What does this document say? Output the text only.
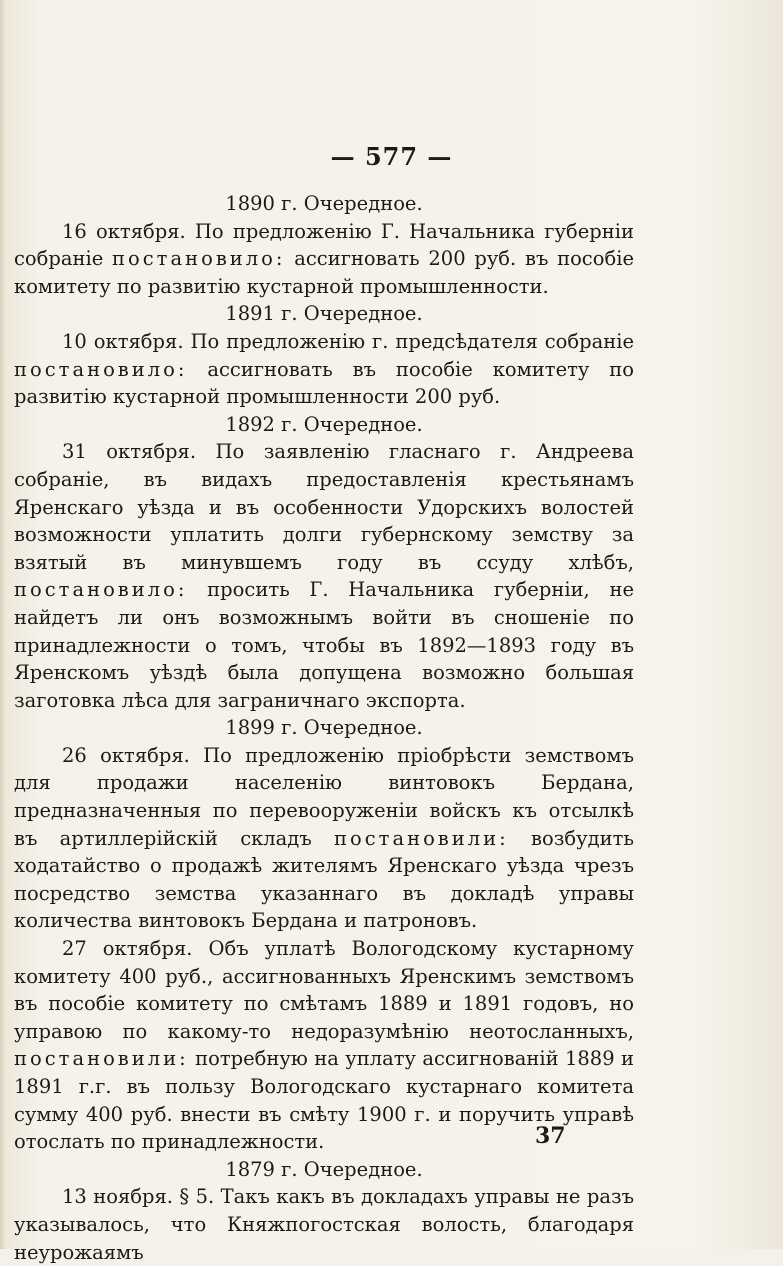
— 577 —

1890 г. Очередное.

16 октября. По предложенію Г. Начальника губерніи собраніе постановило: ассигновать 200 руб. въ пособіе комитету по развитію кустарной промышленности.

1891 г. Очередное.

10 октября. По предложенію г. предсѣдателя собраніе постановило: ассигновать въ пособіе комитету по развитію кустарной промышленности 200 руб.

1892 г. Очередное.

31 октября. По заявленію гласнаго г. Андреева собраніе, въ видахъ предоставленія крестьянамъ Яренскаго уѣзда и въ особенности Удорскихъ волостей возможности уплатить долги губернскому земству за взятый въ минувшемъ году въ ссуду хлѣбъ, постановило: просить Г. Начальника губерніи, не найдетъ ли онъ возможнымъ войти въ сношеніе по принадлежности о томъ, чтобы въ 1892—1893 году въ Яренскомъ уѣздѣ была допущена возможно большая заготовка лѣса для заграничнаго экспорта.

1899 г. Очередное.

26 октября. По предложенію пріобрѣсти земствомъ для продажи населенію винтовокъ Бердана, предназначенныя по перевооруженіи войскъ къ отсылкѣ въ артиллерійскій складъ постановили: возбудить ходатайство о продажѣ жителямъ Яренскаго уѣзда чрезъ посредство земства указаннаго въ докладѣ управы количества винтовокъ Бердана и патроновъ.

27 октября. Объ уплатѣ Вологодскому кустарному комитету 400 руб., ассигнованныхъ Яренскимъ земствомъ въ пособіе комитету по смѣтамъ 1889 и 1891 годовъ, но управою по какому-то недоразумѣнію неотосланныхъ, постановили: потребную на уплату ассигнованій 1889 и 1891 г.г. въ пользу Вологодскаго кустарнаго комитета сумму 400 руб. внести въ смѣту 1900 г. и поручить управѣ отослать по принадлежности.

1879 г. Очередное.

13 ноября. § 5. Такъ какъ въ докладахъ управы не разъ указывалось, что Княжпогостская волость, благодаря неурожаямъ

37
